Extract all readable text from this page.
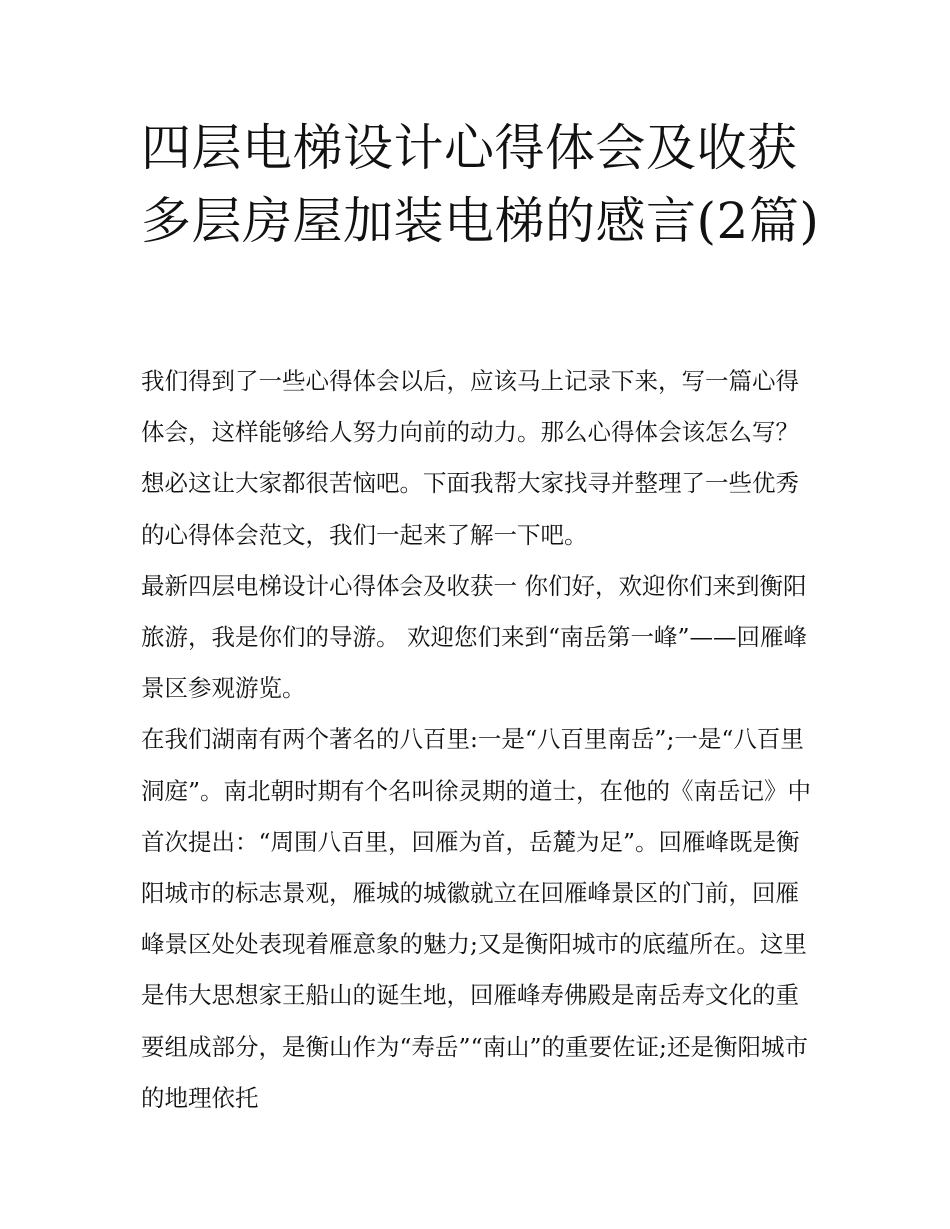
四层电梯设计心得体会及收获多层房屋加装电梯的感言(2篇)

我们得到了一些心得体会以后，应该马上记录下来，写一篇心得体会，这样能够给人努力向前的动力。那么心得体会该怎么写？想必这让大家都很苦恼吧。下面我帮大家找寻并整理了一些优秀的心得体会范文，我们一起来了解一下吧。

最新四层电梯设计心得体会及收获一 你们好，欢迎你们来到衡阳旅游，我是你们的导游。 欢迎您们来到“南岳第一峰”——回雁峰景区参观游览。

在我们湖南有两个著名的八百里:一是“八百里南岳”;一是“八百里洞庭”。南北朝时期有个名叫徐灵期的道士，在他的《南岳记》中首次提出：“周围八百里，回雁为首，岳麓为足”。回雁峰既是衡阳城市的标志景观，雁城的城徽就立在回雁峰景区的门前，回雁峰景区处处表现着雁意象的魅力;又是衡阳城市的底蕴所在。这里是伟大思想家王船山的诞生地，回雁峰寿佛殿是南岳寿文化的重要组成部分，是衡山作为“寿岳”“南山”的重要佐证;还是衡阳城市的地理依托
